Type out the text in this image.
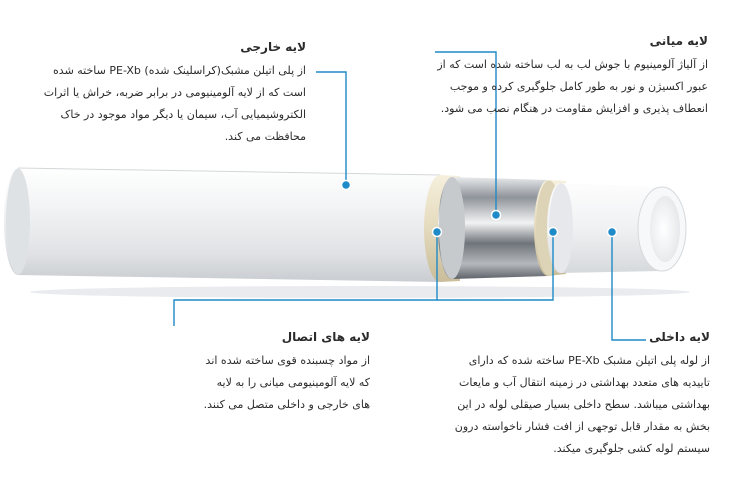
لایه خارجی
از پلی اتیلن مشبک(کراسلینک شده) PE-Xb ساخته شده است که از لایه آلومینیومی در برابر ضربه، خراش یا اثرات الکتروشیمیایی آب، سیمان یا دیگر مواد موجود در خاک محافظت می کند.
لایه میانی
از آلیاژ آلومینیوم با جوش لب به لب ساخته شده است که از عبور اکسیژن و نور به طور کامل جلوگیری کرده و موجب انعطاف پذیری و افزایش مقاومت در هنگام نصب می شود.
لایه های اتصال
از مواد چسبنده قوی ساخته شده اند که لایه آلومینیومی میانی را به لایه های خارجی و داخلی متصل می کنند.
لایه داخلی
از لوله پلی اتیلن مشبک PE-Xb ساخته شده که دارای تاییدیه های متعدد بهداشتی در زمینه انتقال آب و مایعات بهداشتی میباشد. سطح داخلی بسیار صیقلی لوله در این بخش به مقدار قابل توجهی از افت فشار ناخواسته درون سیستم لوله کشی جلوگیری میکند.
